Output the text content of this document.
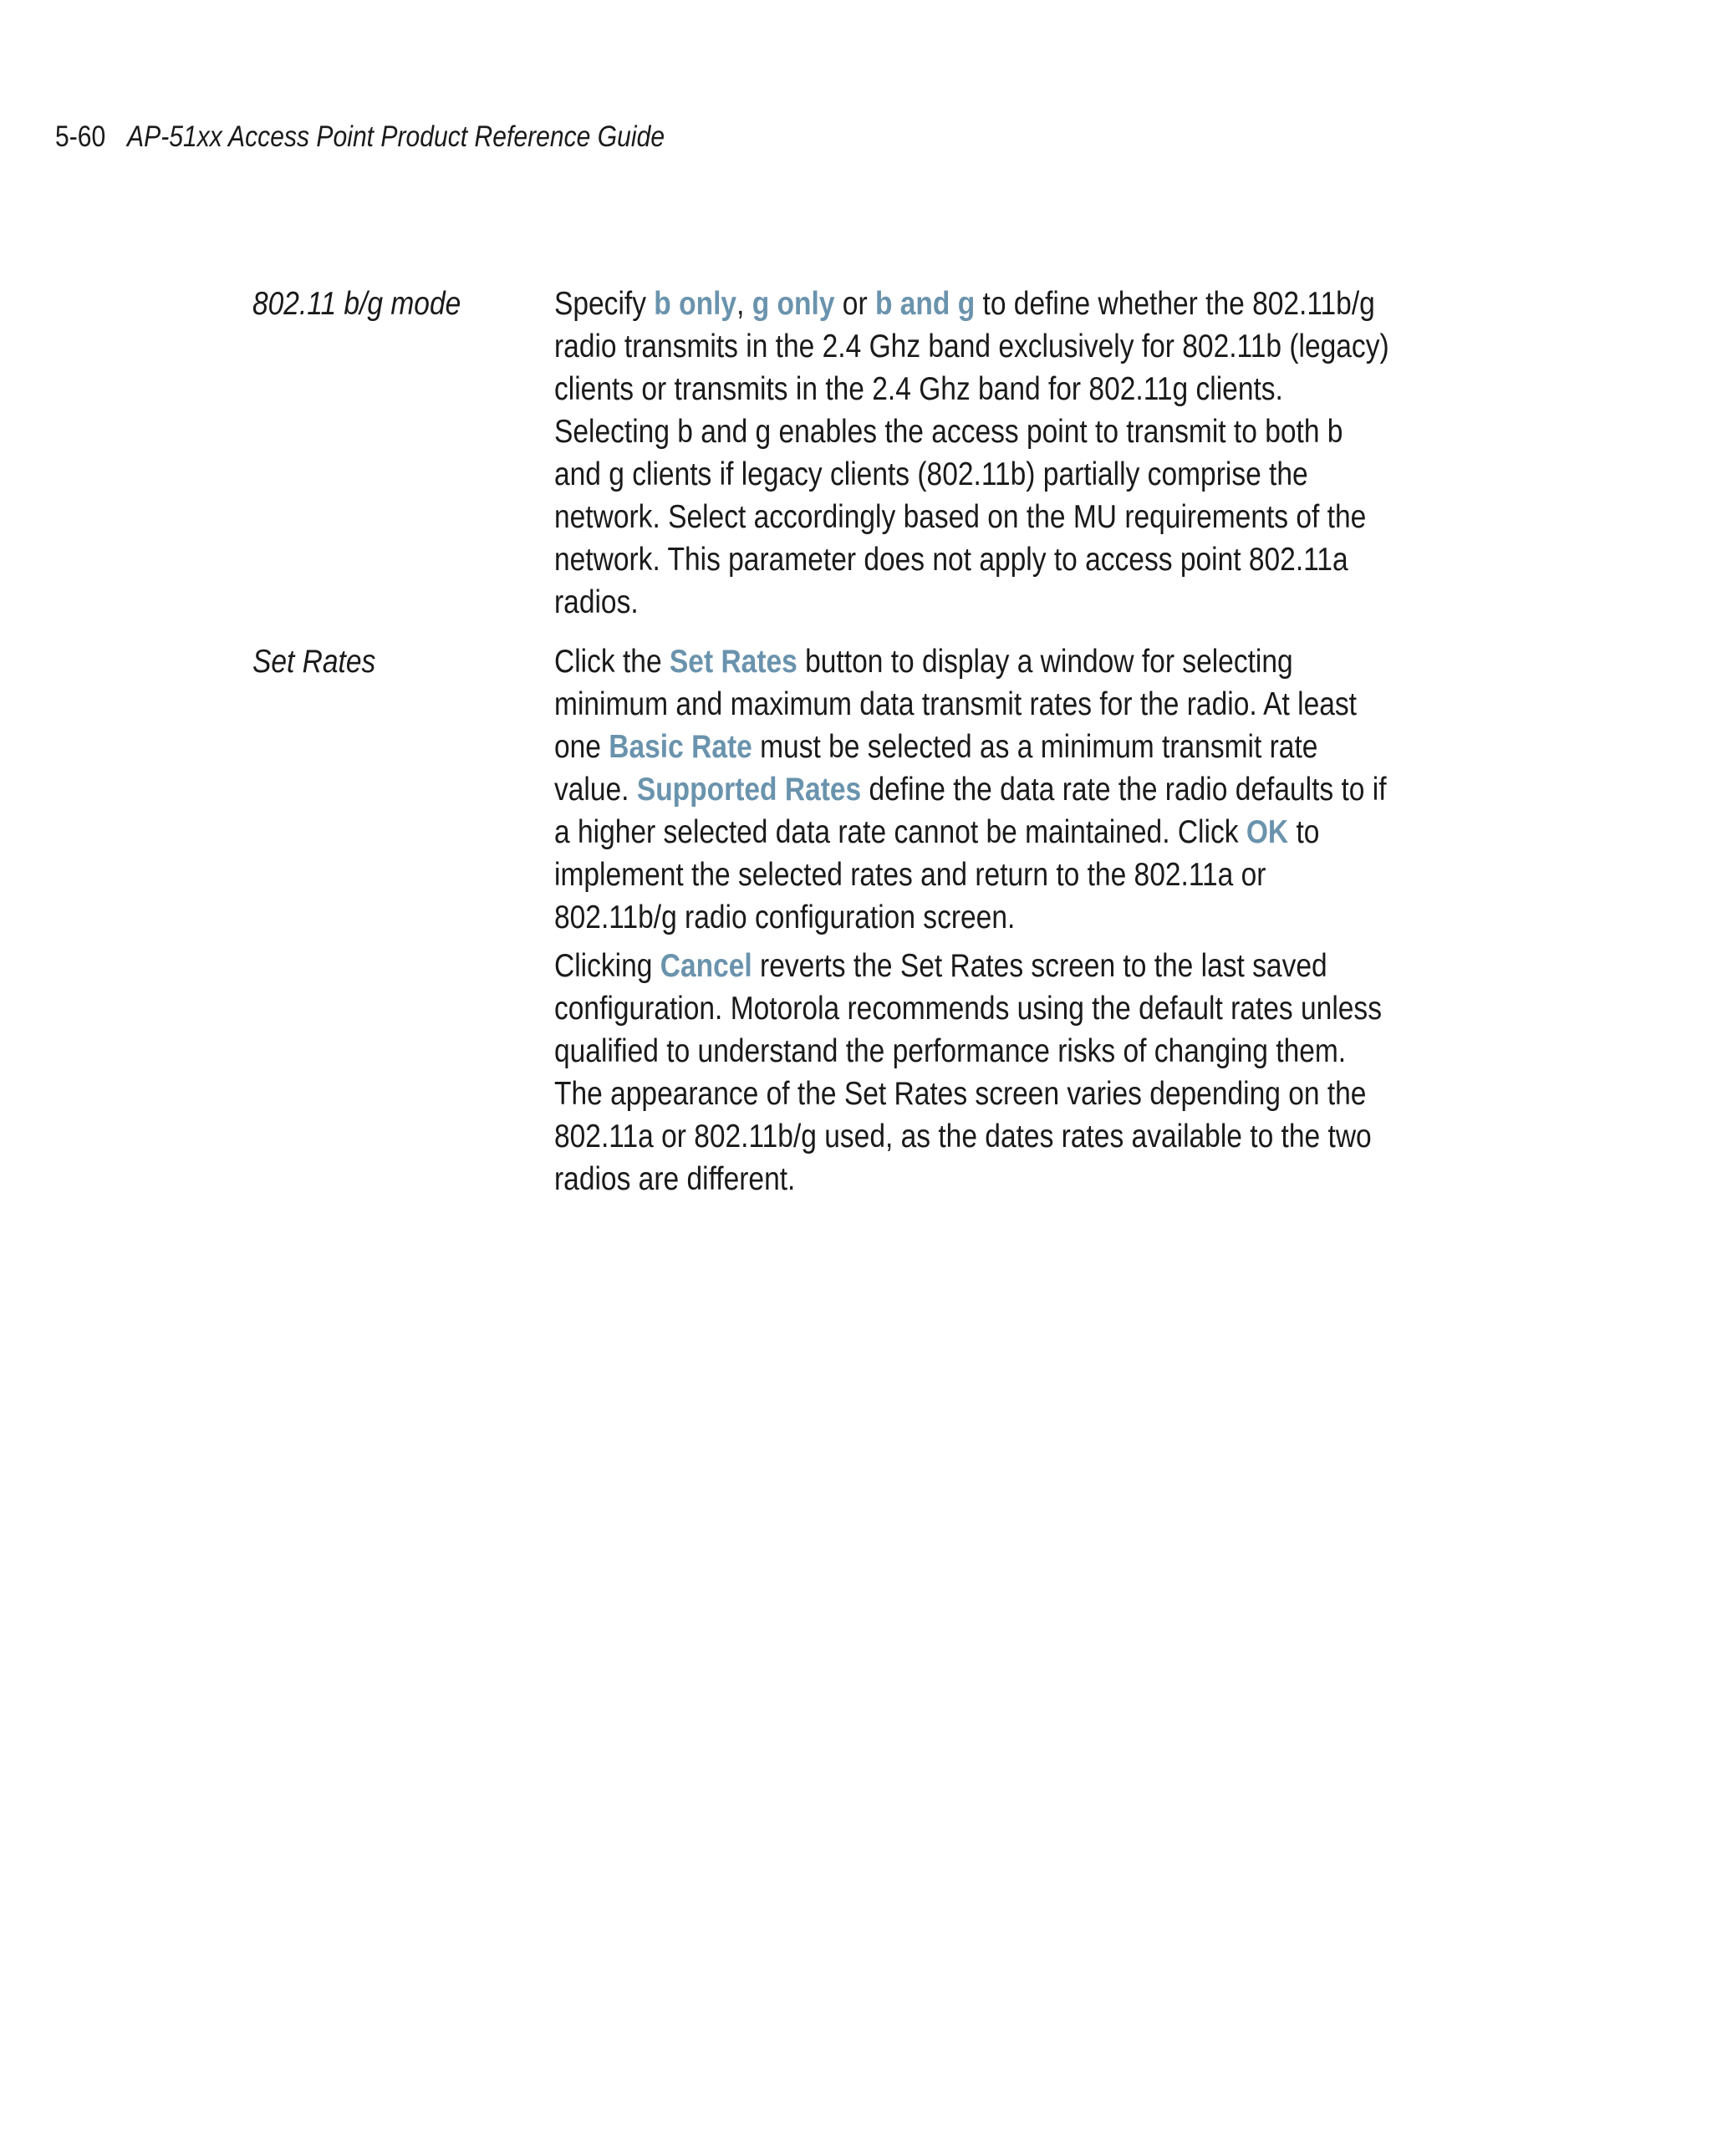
5-60 AP-51xx Access Point Product Reference Guide
802.11 b/g mode	Specify b only, g only or b and g to define whether the 802.11b/g radio transmits in the 2.4 Ghz band exclusively for 802.11b (legacy) clients or transmits in the 2.4 Ghz band for 802.11g clients. Selecting b and g enables the access point to transmit to both b and g clients if legacy clients (802.11b) partially comprise the network. Select accordingly based on the MU requirements of the network. This parameter does not apply to access point 802.11a radios.

Set Rates	Click the Set Rates button to display a window for selecting minimum and maximum data transmit rates for the radio. At least one Basic Rate must be selected as a minimum transmit rate value. Supported Rates define the data rate the radio defaults to if a higher selected data rate cannot be maintained. Click OK to implement the selected rates and return to the 802.11a or 802.11b/g radio configuration screen.

Clicking Cancel reverts the Set Rates screen to the last saved configuration. Motorola recommends using the default rates unless qualified to understand the performance risks of changing them. The appearance of the Set Rates screen varies depending on the 802.11a or 802.11b/g used, as the dates rates available to the two radios are different.
